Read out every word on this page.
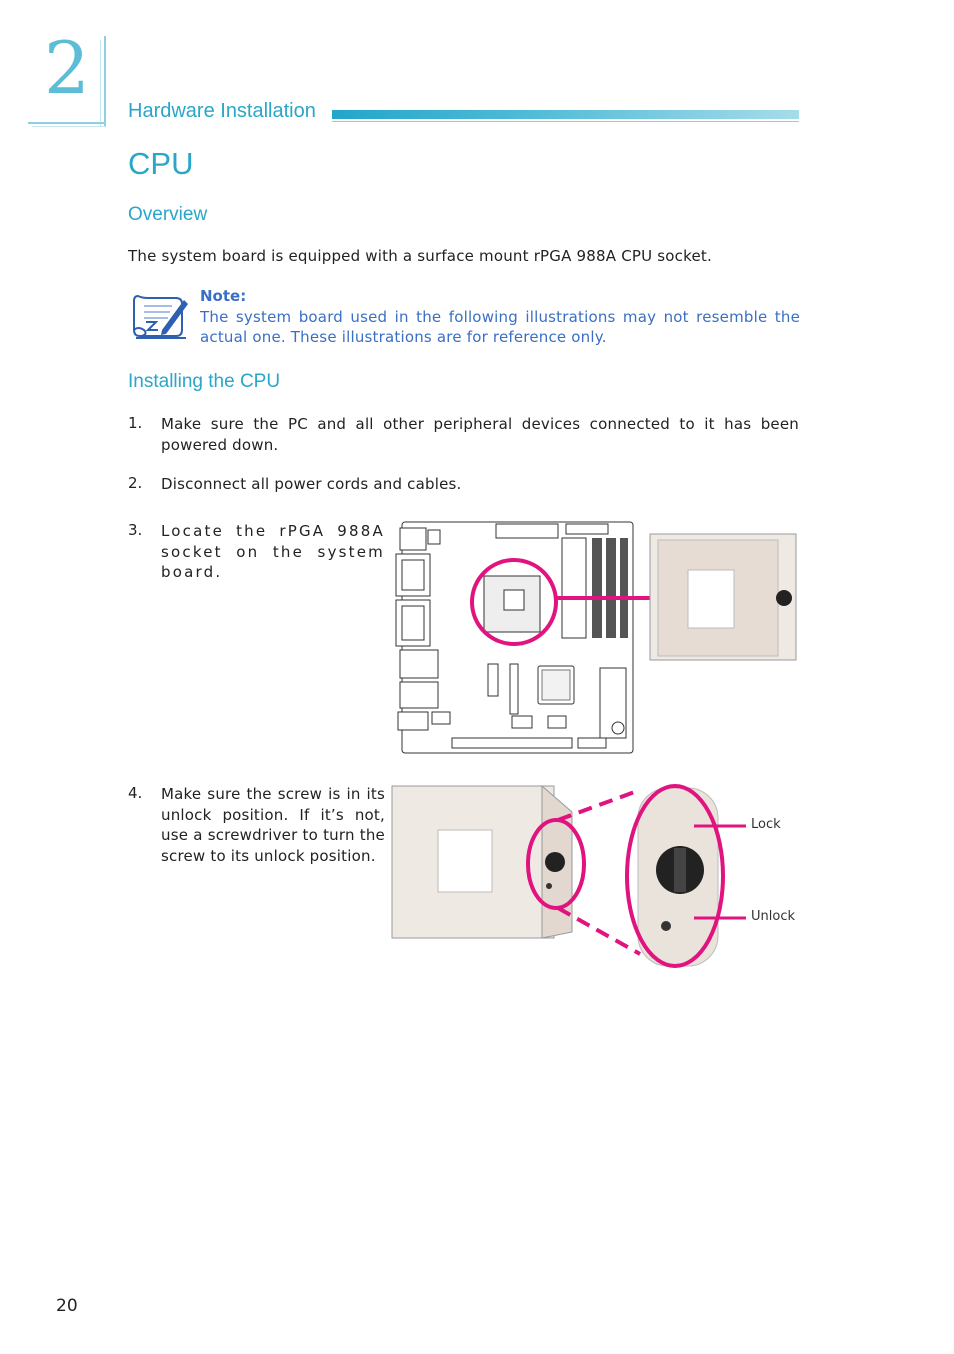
2
Hardware Installation
CPU
Overview
The system board is equipped with a surface mount rPGA 988A CPU socket.
Note:
The system board used in the following illustrations may not resemble the actual one. These illustrations are for reference only.
Installing the CPU
1. Make sure the PC and all other peripheral devices connected to it has been powered down.
2. Disconnect all power cords and cables.
3. Locate the rPGA 988A socket on the system board.
4. Make sure the screw is in its unlock position. If it’s not, use a screwdriver to turn the screw to its unlock position.
Lock
Unlock
20
